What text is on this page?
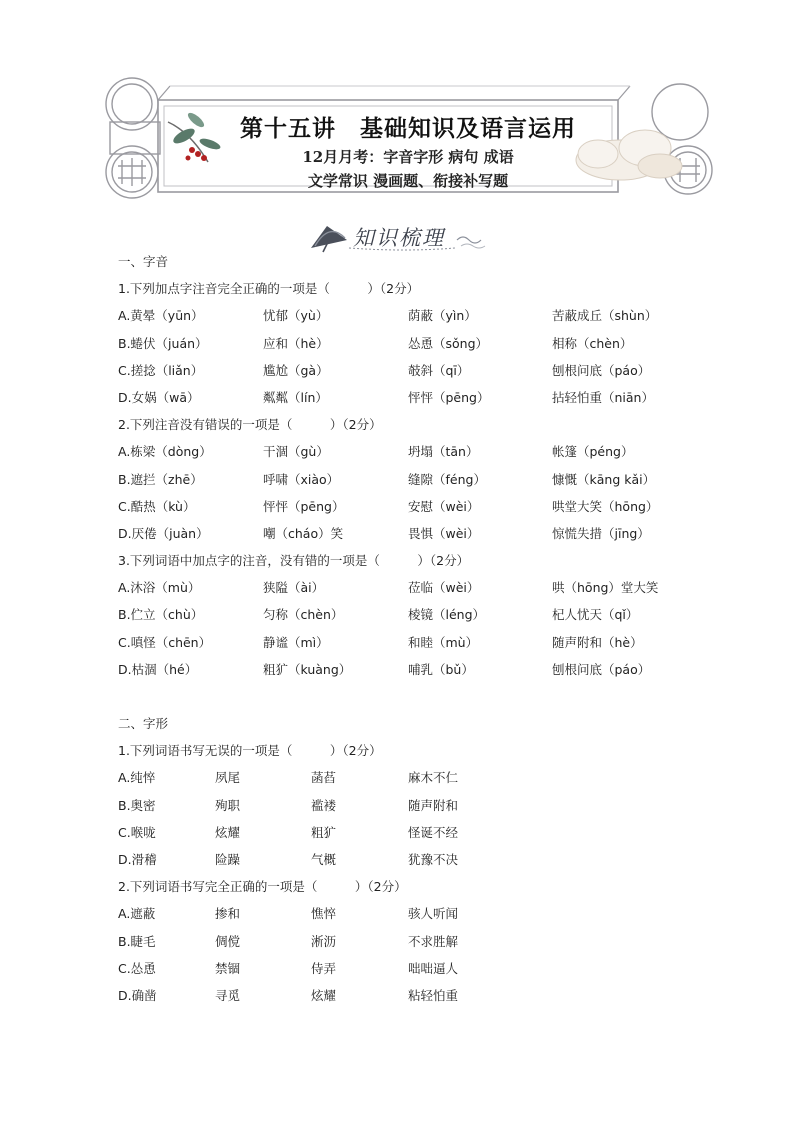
第十五讲　基础知识及语言运用
12月月考：字音字形 病句 成语
文学常识 漫画题、衔接补写题
知识梳理
一、字音
1.下列加点字注音完全正确的一项是（　　　）（2分）
A.黄晕（yūn）	忧郁（yù）	荫蔽（yìn）	苦蔽成丘（shùn）
B.蜷伏（juán）	应和（hè）	怂恿（sǒng）	相称（chèn）
C.搓捻（liǎn）	尴尬（gà）	攲斜（qī）	刨根问底（páo）
D.女娲（wā）	粼粼（lín）	怦怦（pēng）	拈轻怕重（niān）
2.下列注音没有错误的一项是（　　　）（2分）
A.栋梁（dòng）	干涸（gù）	坍塌（tān）	帐篷（péng）
B.遮拦（zhē）	呼啸（xiào）	缝隙（féng）	慷慨（kāng kǎi）
C.酷热（kù）	怦怦（pēng）	安慰（wèi）	哄堂大笑（hōng）
D.厌倦（juàn）	嘲（cháo）笑	畏惧（wèi）	惊慌失措（jīng）
3.下列词语中加点字的注音，没有错的一项是（　　　）（2分）
A.沐浴（mù）	狭隘（ài）	莅临（wèi）	哄（hōng）堂大笑
B.伫立（chù）	匀称（chèn）	棱镜（léng）	杞人忧天（qǐ）
C.嗔怪（chēn）	静谧（mì）	和睦（mù）	随声附和（hè）
D.枯涸（hé）	粗犷（kuàng）	哺乳（bǔ）	刨根问底（páo）
二、字形
1.下列词语书写无误的一项是（　　　）（2分）
A.纯悴	夙尾	菡萏	麻木不仁
B.奥密	殉职	褴褛	随声附和
C.喉咙	炫耀	粗犷	怪诞不经
D.滑稽	险躁	气概	犹豫不决
2.下列词语书写完全正确的一项是（　　　）（2分）
A.遮蔽	掺和	憔悴	骇人听闻
B.睫毛	倜傥	淅沥	不求胜解
C.怂恿	禁锢	侍弄	咄咄逼人
D.确凿	寻觅	炫耀	粘轻怕重
